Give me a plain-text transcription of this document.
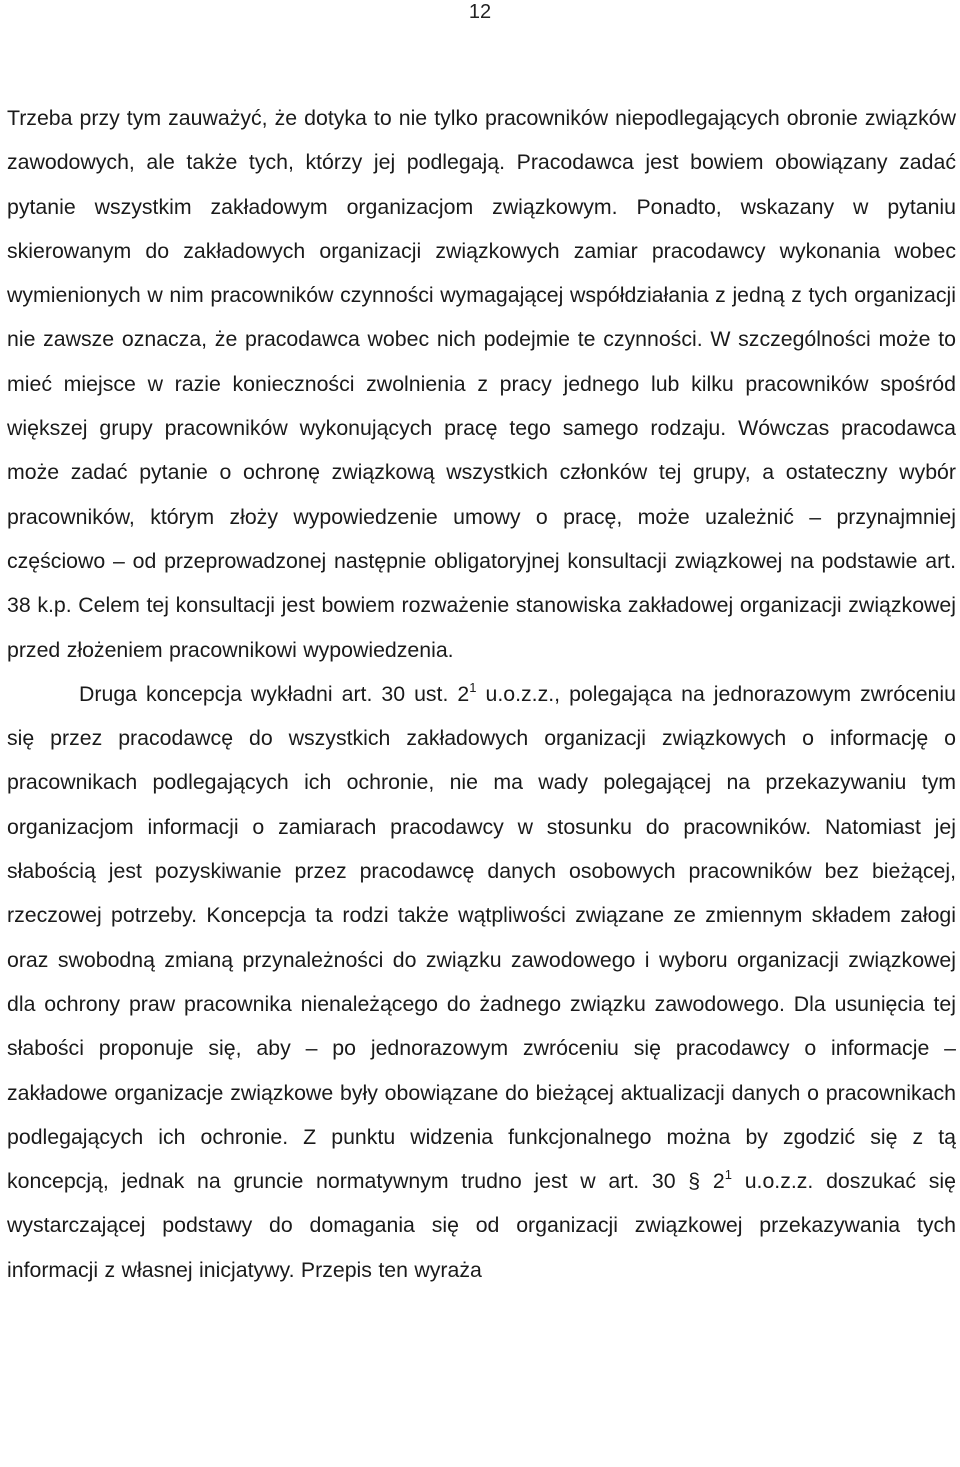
12

Trzeba przy tym zauważyć, że dotyka to nie tylko pracowników niepodlegających obronie związków zawodowych, ale także tych, którzy jej podlegają. Pracodawca jest bowiem obowiązany zadać pytanie wszystkim zakładowym organizacjom związkowym. Ponadto, wskazany w pytaniu skierowanym do zakładowych organizacji związkowych zamiar pracodawcy wykonania wobec wymienionych w nim pracowników czynności wymagającej współdziałania z jedną z tych organizacji nie zawsze oznacza, że pracodawca wobec nich podejmie te czynności. W szczególności może to mieć miejsce w razie konieczności zwolnienia z pracy jednego lub kilku pracowników spośród większej grupy pracowników wykonujących pracę tego samego rodzaju. Wówczas pracodawca może zadać pytanie o ochronę związkową wszystkich członków tej grupy, a ostateczny wybór pracowników, którym złoży wypowiedzenie umowy o pracę, może uzależnić – przynajmniej częściowo – od przeprowadzonej następnie obligatoryjnej konsultacji związkowej na podstawie art. 38 k.p. Celem tej konsultacji jest bowiem rozważenie stanowiska zakładowej organizacji związkowej przed złożeniem pracownikowi wypowiedzenia.

Druga koncepcja wykładni art. 30 ust. $2^1$ u.o.z.z., polegająca na jednorazowym zwróceniu się przez pracodawcę do wszystkich zakładowych organizacji związkowych o informację o pracownikach podlegających ich ochronie, nie ma wady polegającej na przekazywaniu tym organizacjom informacji o zamiarach pracodawcy w stosunku do pracowników. Natomiast jej słabością jest pozyskiwanie przez pracodawcę danych osobowych pracowników bez bieżącej, rzeczowej potrzeby. Koncepcja ta rodzi także wątpliwości związane ze zmiennym składem załogi oraz swobodną zmianą przynależności do związku zawodowego i wyboru organizacji związkowej dla ochrony praw pracownika nienależącego do żadnego związku zawodowego. Dla usunięcia tej słabości proponuje się, aby – po jednorazowym zwróceniu się pracodawcy o informacje – zakładowe organizacje związkowe były obowiązane do bieżącej aktualizacji danych o pracownikach podlegających ich ochronie. Z punktu widzenia funkcjonalnego można by zgodzić się z tą koncepcją, jednak na gruncie normatywnym trudno jest w art. 30 § $2^1$ u.o.z.z. doszukać się wystarczającej podstawy do domagania się od organizacji związkowej przekazywania tych informacji z własnej inicjatywy. Przepis ten wyraża
